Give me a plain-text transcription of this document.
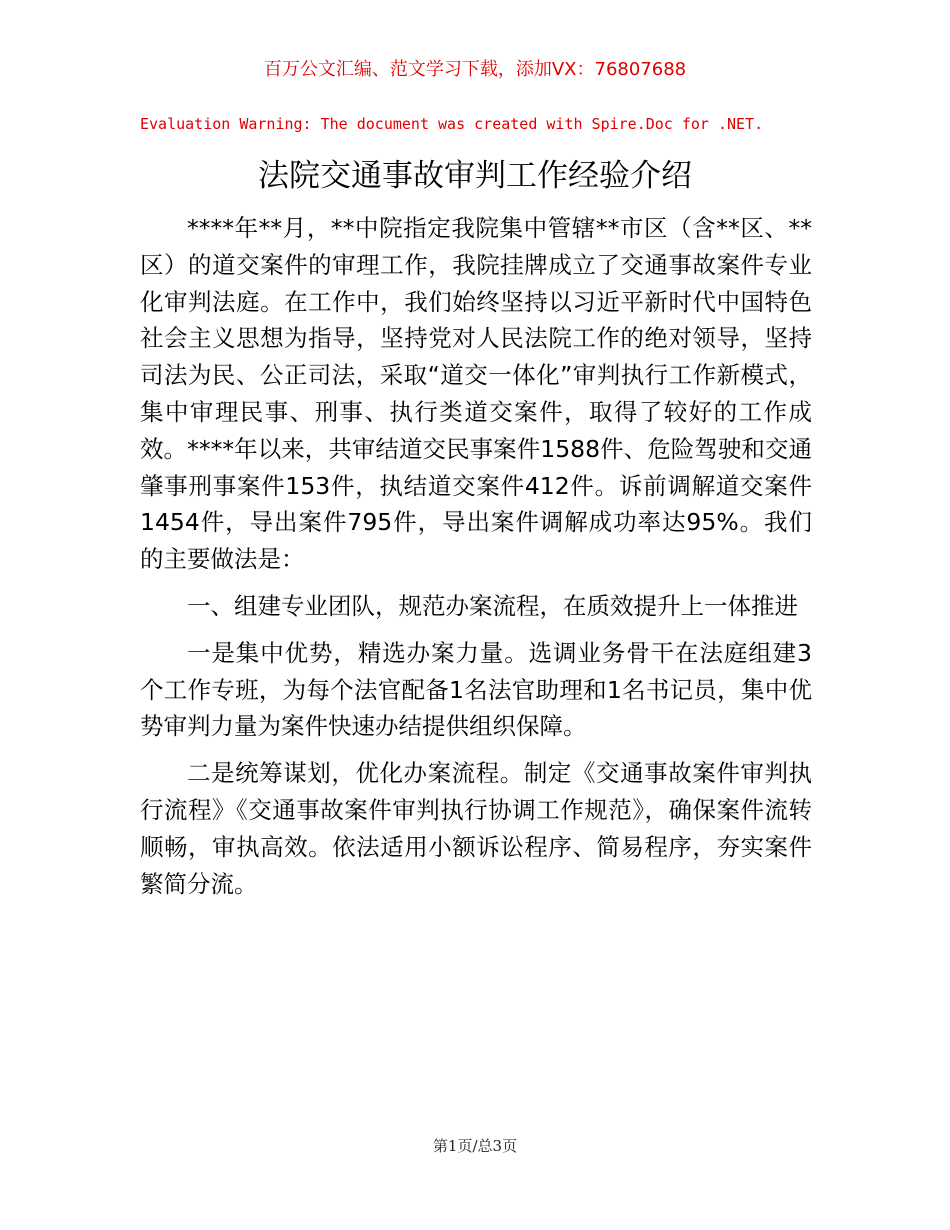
百万公文汇编、范文学习下载，添加VX：76807688
Evaluation Warning: The document was created with Spire.Doc for .NET.
法院交通事故审判工作经验介绍

****年**月，**中院指定我院集中管辖**市区（含**区、**区）的道交案件的审理工作，我院挂牌成立了交通事故案件专业化审判法庭。在工作中，我们始终坚持以习近平新时代中国特色社会主义思想为指导，坚持党对人民法院工作的绝对领导，坚持司法为民、公正司法，采取“道交一体化”审判执行工作新模式，集中审理民事、刑事、执行类道交案件，取得了较好的工作成效。****年以来，共审结道交民事案件1588件、危险驾驶和交通肇事刑事案件153件，执结道交案件412件。诉前调解道交案件1454件，导出案件795件，导出案件调解成功率达95%。我们的主要做法是：

一、组建专业团队，规范办案流程，在质效提升上一体推进

一是集中优势，精选办案力量。选调业务骨干在法庭组建3个工作专班，为每个法官配备1名法官助理和1名书记员，集中优势审判力量为案件快速办结提供组织保障。

二是统筹谋划，优化办案流程。制定《交通事故案件审判执行流程》《交通事故案件审判执行协调工作规范》，确保案件流转顺畅，审执高效。依法适用小额诉讼程序、简易程序，夯实案件繁简分流。

第1页/总3页
